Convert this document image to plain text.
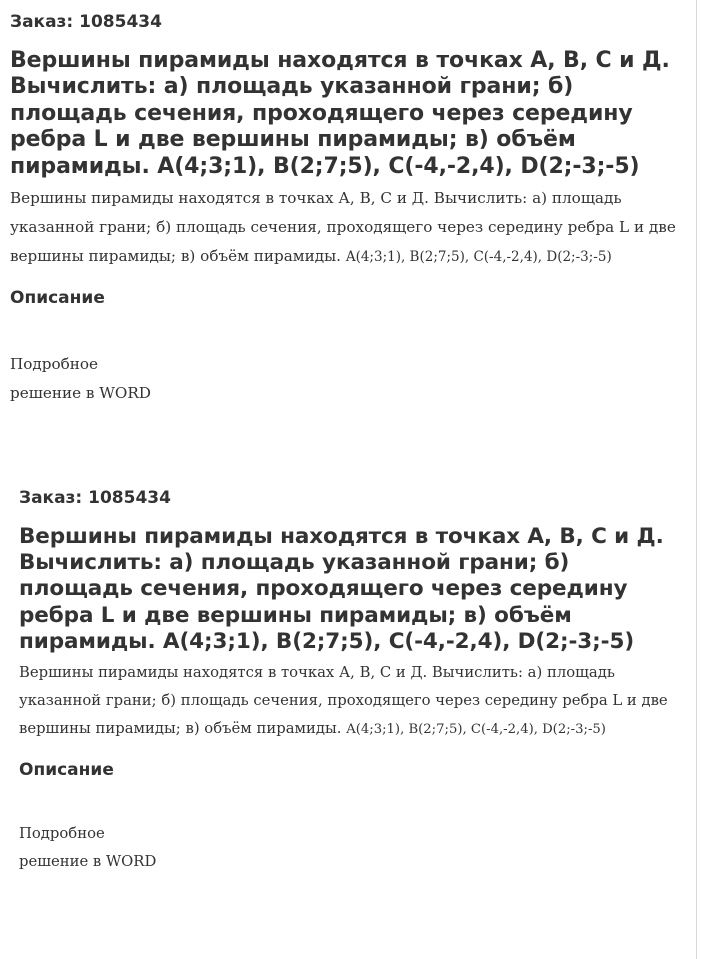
Заказ: 1085434

Вершины пирамиды находятся в точках А, В, С и Д. Вычислить: а) площадь указанной грани; б) площадь сечения, проходящего через середину ребра L и две вершины пирамиды; в) объём пирамиды. A(4;3;1), B(2;7;5), C(-4,-2,4), D(2;-3;-5)

Вершины пирамиды находятся в точках А, В, С и Д. Вычислить: а) площадь указанной грани; б) площадь сечения, проходящего через середину ребра L и две вершины пирамиды; в) объём пирамиды. A(4;3;1), B(2;7;5), C(-4,-2,4), D(2;-3;-5)

Описание

Подробное
решение в WORD

Заказ: 1085434

Вершины пирамиды находятся в точках А, В, С и Д. Вычислить: а) площадь указанной грани; б) площадь сечения, проходящего через середину ребра L и две вершины пирамиды; в) объём пирамиды. A(4;3;1), B(2;7;5), C(-4,-2,4), D(2;-3;-5)

Вершины пирамиды находятся в точках А, В, С и Д. Вычислить: а) площадь указанной грани; б) площадь сечения, проходящего через середину ребра L и две вершины пирамиды; в) объём пирамиды. A(4;3;1), B(2;7;5), C(-4,-2,4), D(2;-3;-5)

Описание

Подробное
решение в WORD
